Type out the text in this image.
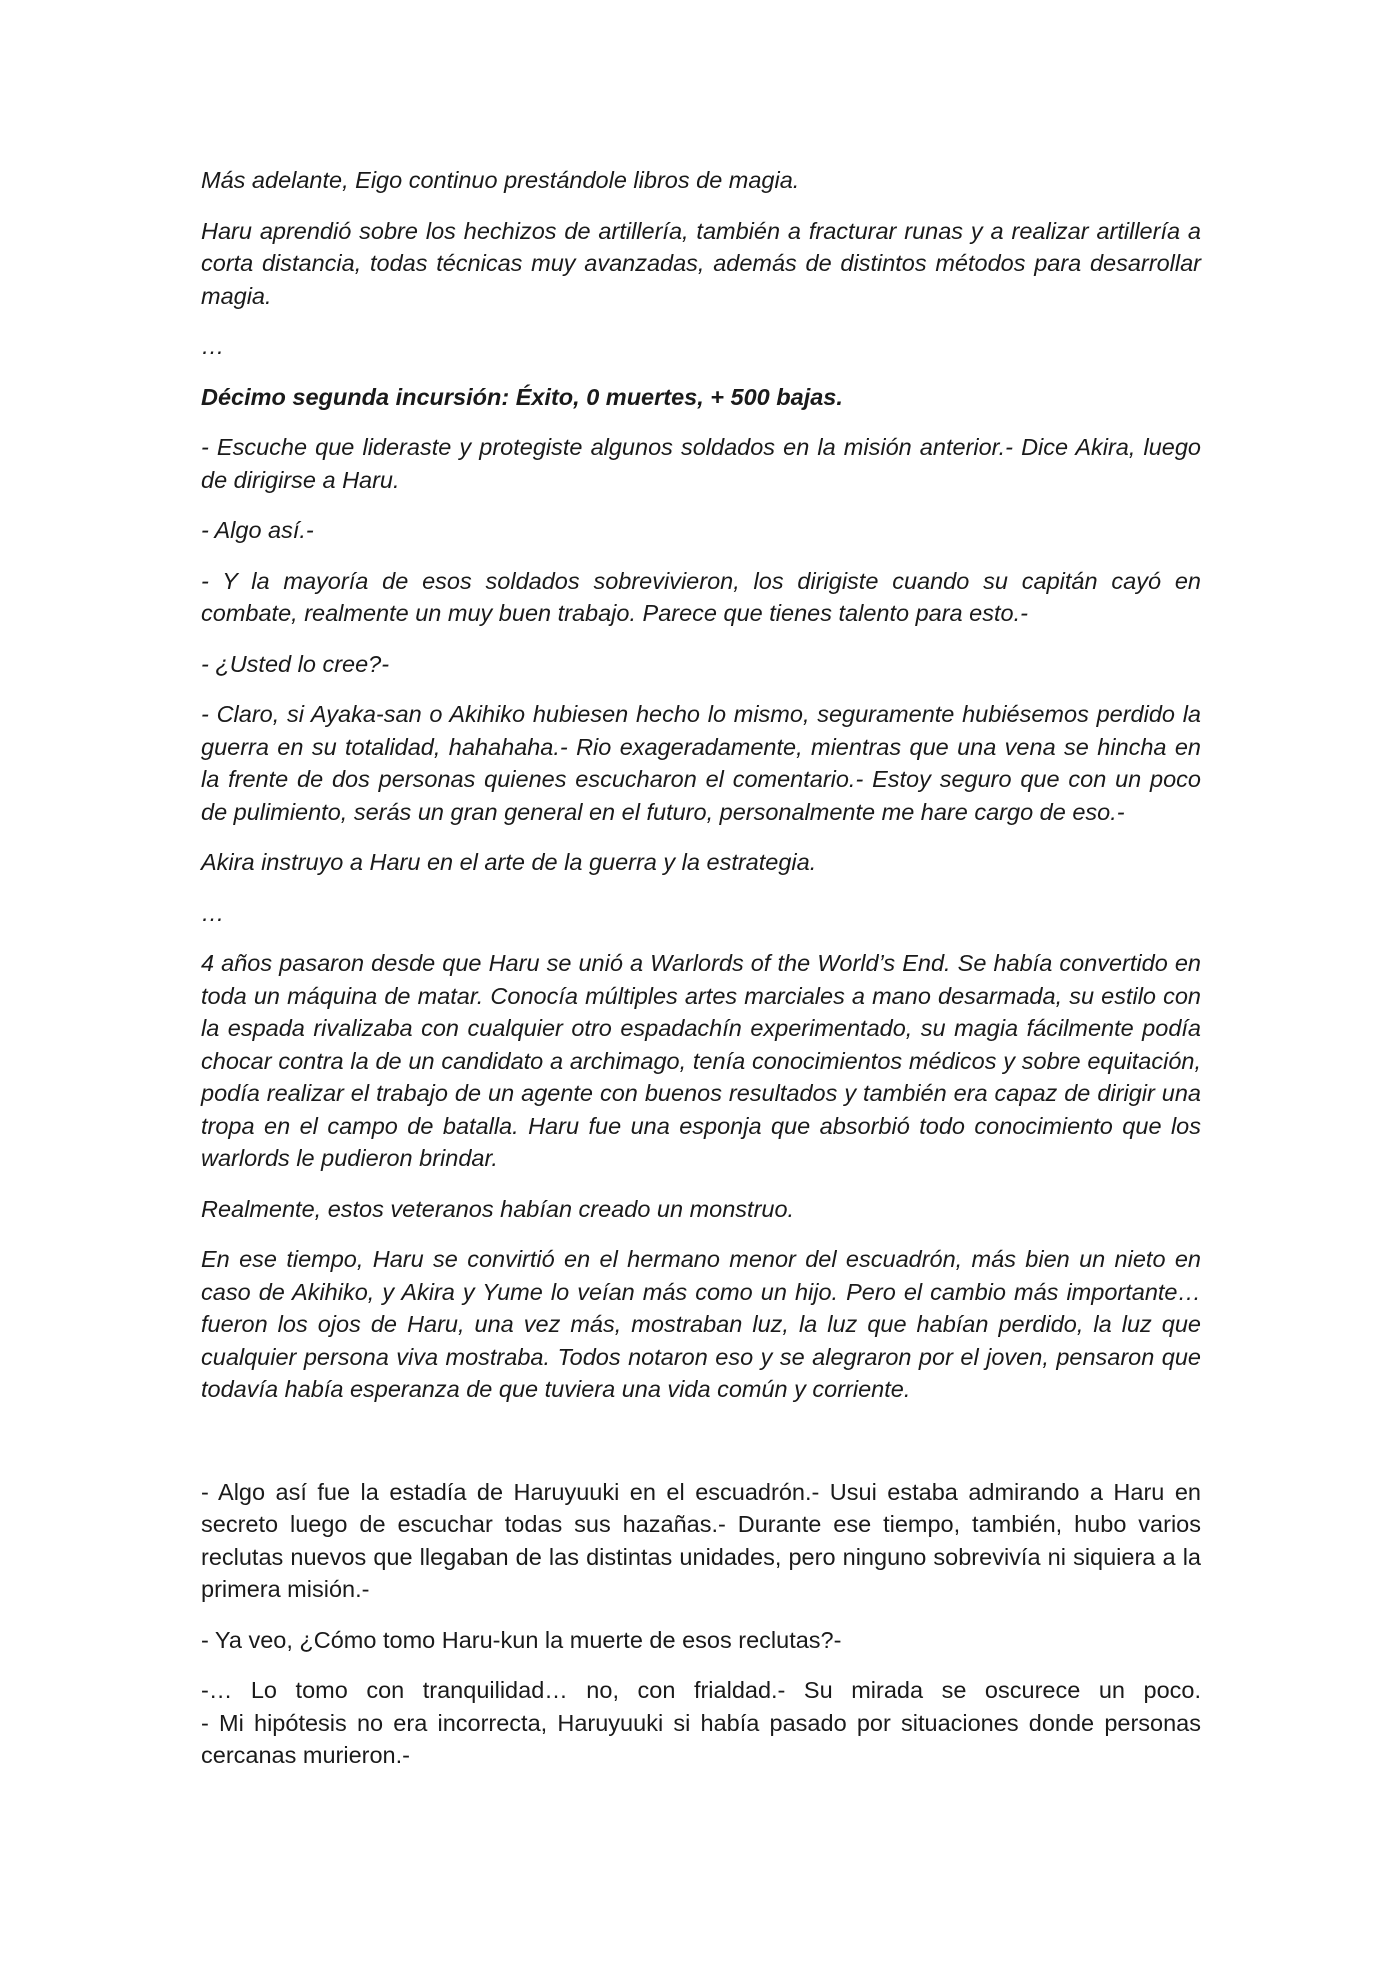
Más adelante, Eigo continuo prestándole libros de magia.

Haru aprendió sobre los hechizos de artillería, también a fracturar runas y a realizar artillería a corta distancia, todas técnicas muy avanzadas, además de distintos métodos para desarrollar magia.

…

Décimo segunda incursión: Éxito, 0 muertes, + 500 bajas.

- Escuche que lideraste y protegiste algunos soldados en la misión anterior.- Dice Akira, luego de dirigirse a Haru.

- Algo así.-

- Y la mayoría de esos soldados sobrevivieron, los dirigiste cuando su capitán cayó en combate, realmente un muy buen trabajo. Parece que tienes talento para esto.-

- ¿Usted lo cree?-

- Claro, si Ayaka-san o Akihiko hubiesen hecho lo mismo, seguramente hubiésemos perdido la guerra en su totalidad, hahahaha.- Rio exageradamente, mientras que una vena se hincha en la frente de dos personas quienes escucharon el comentario.- Estoy seguro que con un poco de pulimiento, serás un gran general en el futuro, personalmente me hare cargo de eso.-

Akira instruyo a Haru en el arte de la guerra y la estrategia.

…

4 años pasaron desde que Haru se unió a Warlords of the World’s End. Se había convertido en toda un máquina de matar. Conocía múltiples artes marciales a mano desarmada, su estilo con la espada rivalizaba con cualquier otro espadachín experimentado, su magia fácilmente podía chocar contra la de un candidato a archimago, tenía conocimientos médicos y sobre equitación, podía realizar el trabajo de un agente con buenos resultados y también era capaz de dirigir una tropa en el campo de batalla. Haru fue una esponja que absorbió todo conocimiento que los warlords le pudieron brindar.

Realmente, estos veteranos habían creado un monstruo.

En ese tiempo, Haru se convirtió en el hermano menor del escuadrón, más bien un nieto en caso de Akihiko, y Akira y Yume lo veían más como un hijo. Pero el cambio más importante… fueron los ojos de Haru, una vez más, mostraban luz, la luz que habían perdido, la luz que cualquier persona viva mostraba. Todos notaron eso y se alegraron por el joven, pensaron que todavía había esperanza de que tuviera una vida común y corriente.

- Algo así fue la estadía de Haruyuuki en el escuadrón.- Usui estaba admirando a Haru en secreto luego de escuchar todas sus hazañas.- Durante ese tiempo, también, hubo varios reclutas nuevos que llegaban de las distintas unidades, pero ninguno sobrevivía ni siquiera a la primera misión.-

- Ya veo, ¿Cómo tomo Haru-kun la muerte de esos reclutas?-

-… Lo tomo con tranquilidad… no, con frialdad.- Su mirada se oscurece un poco.

- Mi hipótesis no era incorrecta, Haruyuuki si había pasado por situaciones donde personas cercanas murieron.-
